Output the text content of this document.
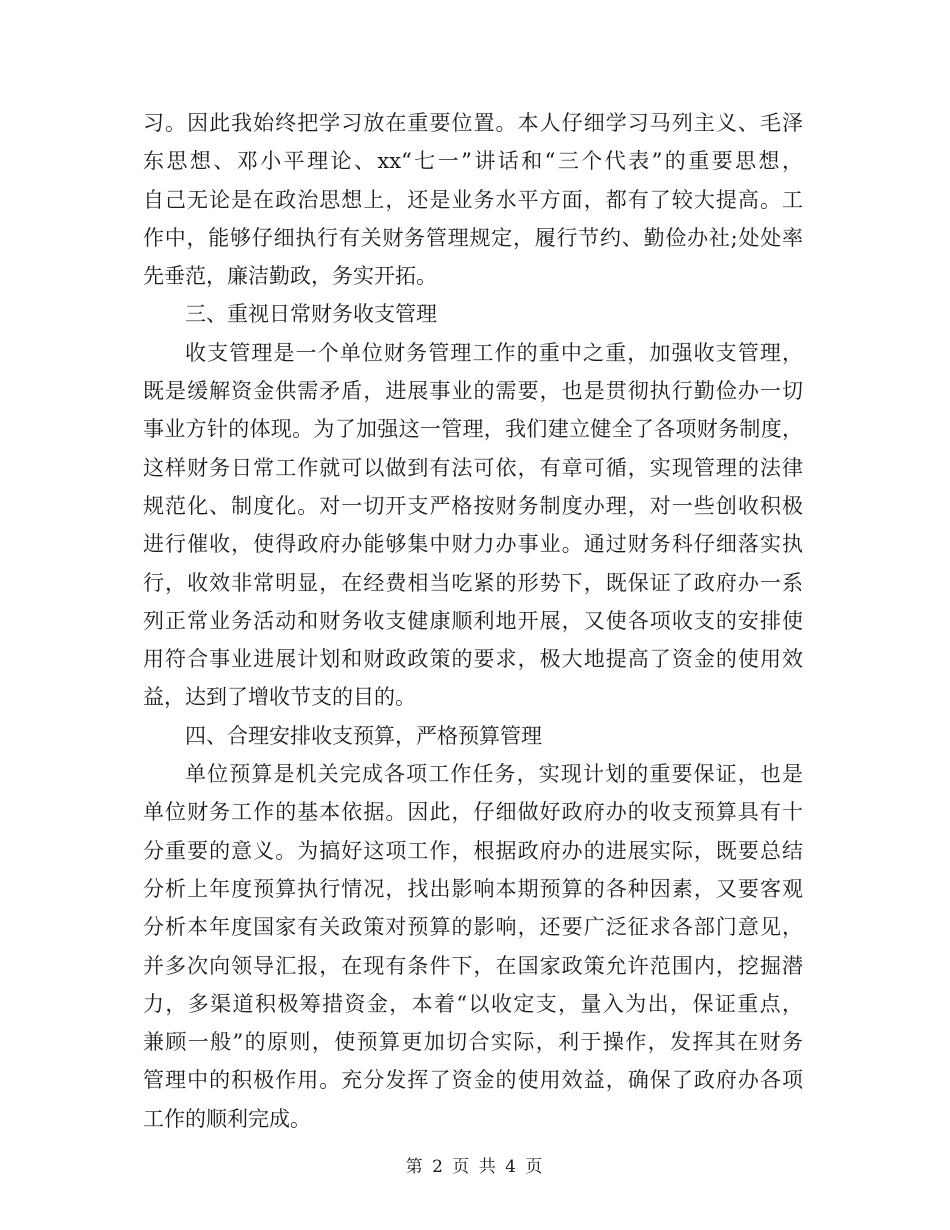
习。因此我始终把学习放在重要位置。本人仔细学习马列主义、毛泽
东思想、邓小平理论、xx“七一”讲话和“三个代表”的重要思想，
自己无论是在政治思想上，还是业务水平方面，都有了较大提高。工
作中，能够仔细执行有关财务管理规定，履行节约、勤俭办社;处处率
先垂范，廉洁勤政，务实开拓。
三、重视日常财务收支管理
收支管理是一个单位财务管理工作的重中之重，加强收支管理，
既是缓解资金供需矛盾，进展事业的需要，也是贯彻执行勤俭办一切
事业方针的体现。为了加强这一管理，我们建立健全了各项财务制度，
这样财务日常工作就可以做到有法可依，有章可循，实现管理的法律
规范化、制度化。对一切开支严格按财务制度办理，对一些创收积极
进行催收，使得政府办能够集中财力办事业。通过财务科仔细落实执
行，收效非常明显，在经费相当吃紧的形势下，既保证了政府办一系
列正常业务活动和财务收支健康顺利地开展，又使各项收支的安排使
用符合事业进展计划和财政政策的要求，极大地提高了资金的使用效
益，达到了增收节支的目的。
四、合理安排收支预算，严格预算管理
单位预算是机关完成各项工作任务，实现计划的重要保证，也是
单位财务工作的基本依据。因此，仔细做好政府办的收支预算具有十
分重要的意义。为搞好这项工作，根据政府办的进展实际，既要总结
分析上年度预算执行情况，找出影响本期预算的各种因素，又要客观
分析本年度国家有关政策对预算的影响，还要广泛征求各部门意见，
并多次向领导汇报，在现有条件下，在国家政策允许范围内，挖掘潜
力，多渠道积极筹措资金，本着“以收定支，量入为出，保证重点，
兼顾一般”的原则，使预算更加切合实际，利于操作，发挥其在财务
管理中的积极作用。充分发挥了资金的使用效益，确保了政府办各项
工作的顺利完成。
第 2 页 共 4 页
